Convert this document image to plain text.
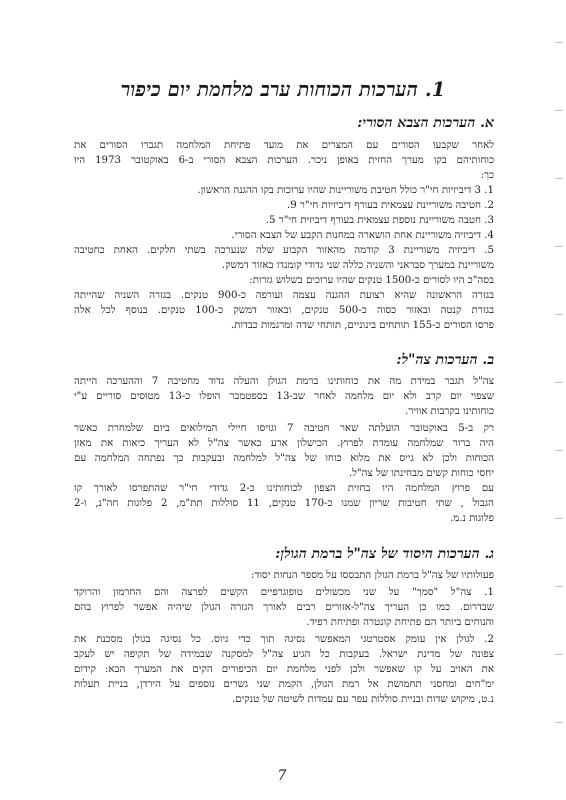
1. הערכות הכוחות ערב מלחמת יום כיפור
א. הערכות הצבא הסורי:
לאחר שקבעו הסורים עם המצרים את מועד פתיחת המלחמה תגברו הסורים את
כוחותיהם בקו מערך החזית באופן ניכר. הערכות הצבא הסורי ב-6 באוקטובר 1973 היו
כך:
1. 3 דיביזיות חי"ר כולל חטיבת משוריינות שהיו ערוכות בקו ההגנה הראשון.
2. חטיבה משוריינת עצמאית בעורף דיביזיות חי"ר 9.
3. חטבה משוריינת נוספת עצמאית בעורף דיביזית חי"ר 5.
4. דיביזיה משוריינת אחת הושארה במחנות הקבע של הצבא הסורי.
5. דיביזיה משוריינת 3 קודמה מהאזור הקבוע שלה שנערכה בשתי חלקים. האחת כחטיבה
משוריינת במערך סבראני והשניה כללה שני גדודי קומנדו באזור דמשק.
בסה"כ היו לסורים כ-1500 טנקים שהיו ערוכים בשלוש גזרות:
בגזרה הראשונה שהיא רצועת ההגנה עצמה ועורפה כ-900 טנקים. בגזרה השניה שהייתה
בגזרת קנטה ובאזור כסוה כ-500 טנקים, ובאזור דמשק כ-100 טנקים. בנוסף לכל אלה
פרסו הסורים כ-155 תותחים בינוניים, תותחי שדה ומרגמות כבדות.
ב. הערכות צה"ל:
צה"ל תגבר במידת מה את כוחותינו ברמת הגולן והעלה גדוד מחטיבה 7 וההערכה הייתה
שצפוי יום קרב ולא יום מלחמה לאחר שב-13 בספטמבר הופלו כ-13 מטוסים סוריים ע"י
כוחותינו בקרבות אוויר.
רק ב-5 באוקטובר הועלתה שאר חטיבה 7 וגויסו חיילי המילואים ביום שלמחרת כאשר
היה ברור שמלחמה עומדת לפרוץ. הכישלון ארע כאשר צה"ל לא העריך כיאות את מאזן
הכוחות ולכן לא גייס את מלוא כוחו של צה"ל למלחמה ובעקבות כך נפתחה המלחמה עם
יחסי כוחות קשים מבחינתו של צה"ל.
עם פרוץ המלחמה היו בחזית הצפון לכוחותינו כ-2 גדודי חי"ר שהתפרסו לאורך קו
הגבול , שתי חטיבות שריון שמנו כ-170 טנקים, 11 סוללות תת"מ, 2 פלוגות חה"נ, ו-2
פלוגות נ.מ.
ג. הערכות היסוד של צה"ל ברמת הגולן:
פעולותיו של צה"ל ברמת הגולן התבססו על מספר הנחות יסוד:
1. צה"ל "סמך" על שני מכשולים טופוגרפיים הקשים לפרצה והם החרמון והרוקד
שבדרום. כמו כן העריך צה"ל-אזורים רבים לאורך הגזרה הגולן שיהיה אפשר לפרוץ בהם
והנוחים ביותר הם פתיחת קונטרה ופתיחת רפיד.
2. לגולן אין עומק אסטרטגי המאפשר נסיגה תוך כדי גיוס. כל נסיגה בגולן מסכנת את
צפונה של מדינת ישראל. בעקבות כל הגיע צה"ל למסקנה שבמידה של תקיפה יש לעקב
את האויב על קו שאפשר ולכן לפני מלחמת יום הכיפורים הקים את המערך הבא: קידום
ימ"חים ומחסני תחמושת אל רמת הגולן, הקמת שני גשרים נוספים על הירדן, בניית תעלות
נ.ט, מיקוש שדות ובניית סוללות עפר עם עמדות לשיטה של טנקים.
7
